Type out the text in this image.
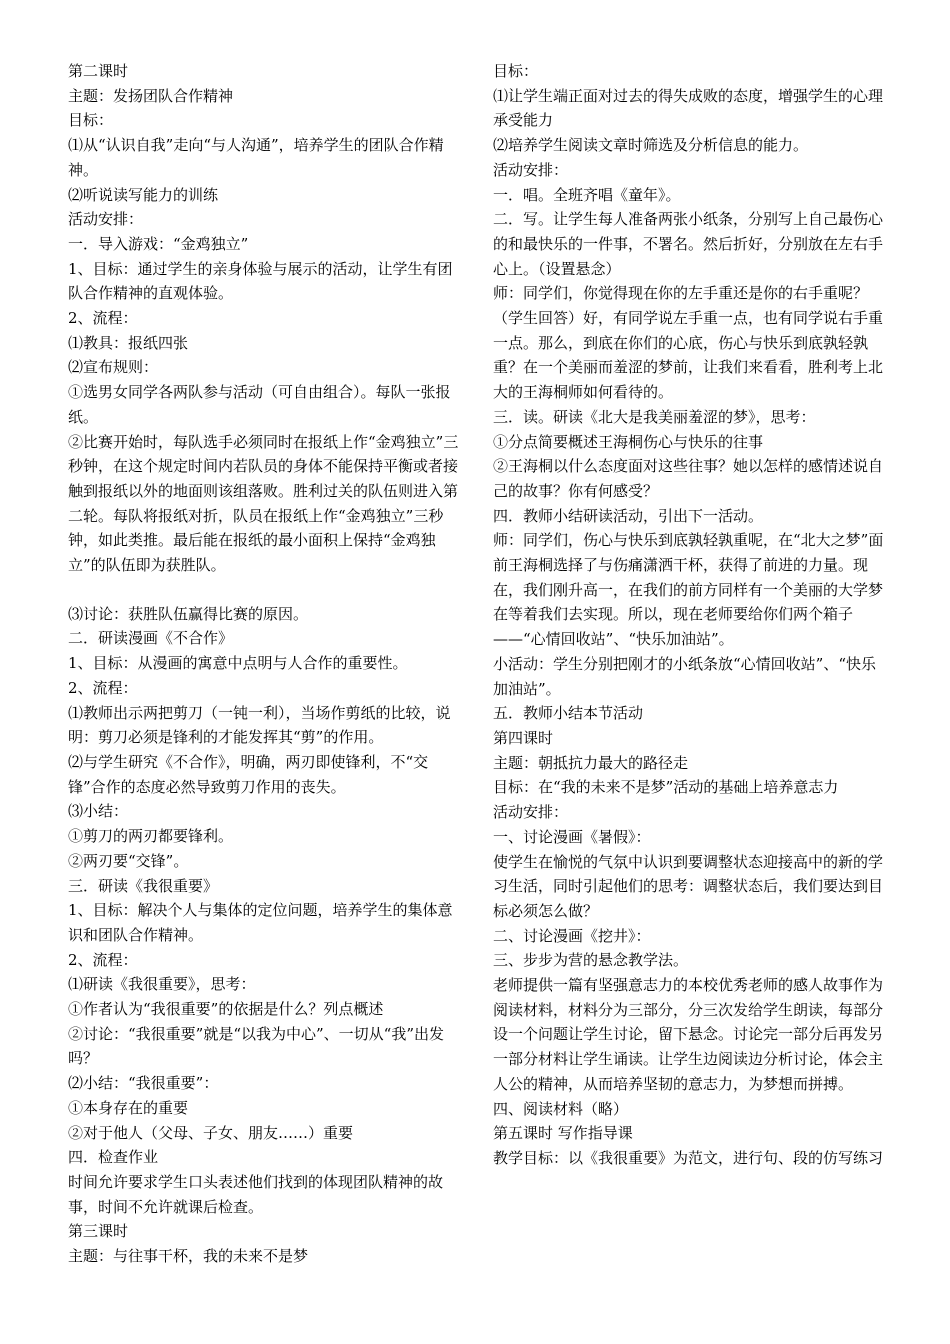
第二课时

主题：发扬团队合作精神

目标：

⑴从“认识自我”走向“与人沟通”，培养学生的团队合作精神。

⑵听说读写能力的训练

活动安排：

一．导入游戏：“金鸡独立”

1、目标：通过学生的亲身体验与展示的活动，让学生有团队合作精神的直观体验。

2、流程：

⑴教具：报纸四张

⑵宣布规则：

①选男女同学各两队参与活动（可自由组合）。每队一张报纸。

②比赛开始时，每队选手必须同时在报纸上作“金鸡独立”三秒钟，在这个规定时间内若队员的身体不能保持平衡或者接触到报纸以外的地面则该组落败。胜利过关的队伍则进入第二轮。每队将报纸对折，队员在报纸上作“金鸡独立”三秒钟，如此类推。最后能在报纸的最小面积上保持“金鸡独立”的队伍即为获胜队。

⑶讨论：获胜队伍赢得比赛的原因。

二．研读漫画《不合作》

1、目标：从漫画的寓意中点明与人合作的重要性。

2、流程：

⑴教师出示两把剪刀（一钝一利），当场作剪纸的比较，说明：剪刀必须是锋利的才能发挥其“剪”的作用。

⑵与学生研究《不合作》，明确，两刃即使锋利，不“交锋”合作的态度必然导致剪刀作用的丧失。

⑶小结：

①剪刀的两刃都要锋利。

②两刃要“交锋”。

三．研读《我很重要》

1、目标：解决个人与集体的定位问题，培养学生的集体意识和团队合作精神。

2、流程：

⑴研读《我很重要》，思考：

①作者认为“我很重要”的依据是什么？列点概述

②讨论：“我很重要”就是“以我为中心”、一切从“我”出发吗？

⑵小结：“我很重要”：

①本身存在的重要

②对于他人（父母、子女、朋友……）重要

四．检查作业

时间允许要求学生口头表述他们找到的体现团队精神的故事，时间不允许就课后检查。

第三课时

主题：与往事干杯，我的未来不是梦

目标：

⑴让学生端正面对过去的得失成败的态度，增强学生的心理承受能力

⑵培养学生阅读文章时筛选及分析信息的能力。

活动安排：

一．唱。全班齐唱《童年》。

二．写。让学生每人准备两张小纸条，分别写上自己最伤心的和最快乐的一件事，不署名。然后折好，分别放在左右手心上。（设置悬念）

师：同学们，你觉得现在你的左手重还是你的右手重呢？（学生回答）好，有同学说左手重一点，也有同学说右手重一点。那么，到底在你们的心底，伤心与快乐到底孰轻孰重？在一个美丽而羞涩的梦前，让我们来看看，胜利考上北大的王海桐师如何看待的。

三．读。研读《北大是我美丽羞涩的梦》，思考：

①分点简要概述王海桐伤心与快乐的往事

②王海桐以什么态度面对这些往事？她以怎样的感情述说自己的故事？你有何感受？

四．教师小结研读活动，引出下一活动。

师：同学们，伤心与快乐到底孰轻孰重呢，在“北大之梦”面前王海桐选择了与伤痛潇洒干杯，获得了前进的力量。现在，我们刚升高一，在我们的前方同样有一个美丽的大学梦在等着我们去实现。所以，现在老师要给你们两个箱子——“心情回收站”、“快乐加油站”。

小活动：学生分别把刚才的小纸条放“心情回收站”、“快乐加油站”。

五．教师小结本节活动

第四课时

主题：朝抵抗力最大的路径走

目标：在“我的未来不是梦”活动的基础上培养意志力

活动安排：

一、讨论漫画《暑假》：

使学生在愉悦的气氛中认识到要调整状态迎接高中的新的学习生活，同时引起他们的思考：调整状态后，我们要达到目标必须怎么做？

二、讨论漫画《挖井》：

三、步步为营的悬念教学法。

老师提供一篇有坚强意志力的本校优秀老师的感人故事作为阅读材料，材料分为三部分，分三次发给学生朗读，每部分设一个问题让学生讨论，留下悬念。讨论完一部分后再发另一部分材料让学生诵读。让学生边阅读边分析讨论，体会主人公的精神，从而培养坚韧的意志力，为梦想而拼搏。

四、阅读材料（略）

第五课时 写作指导课

教学目标：以《我很重要》为范文，进行句、段的仿写练习
